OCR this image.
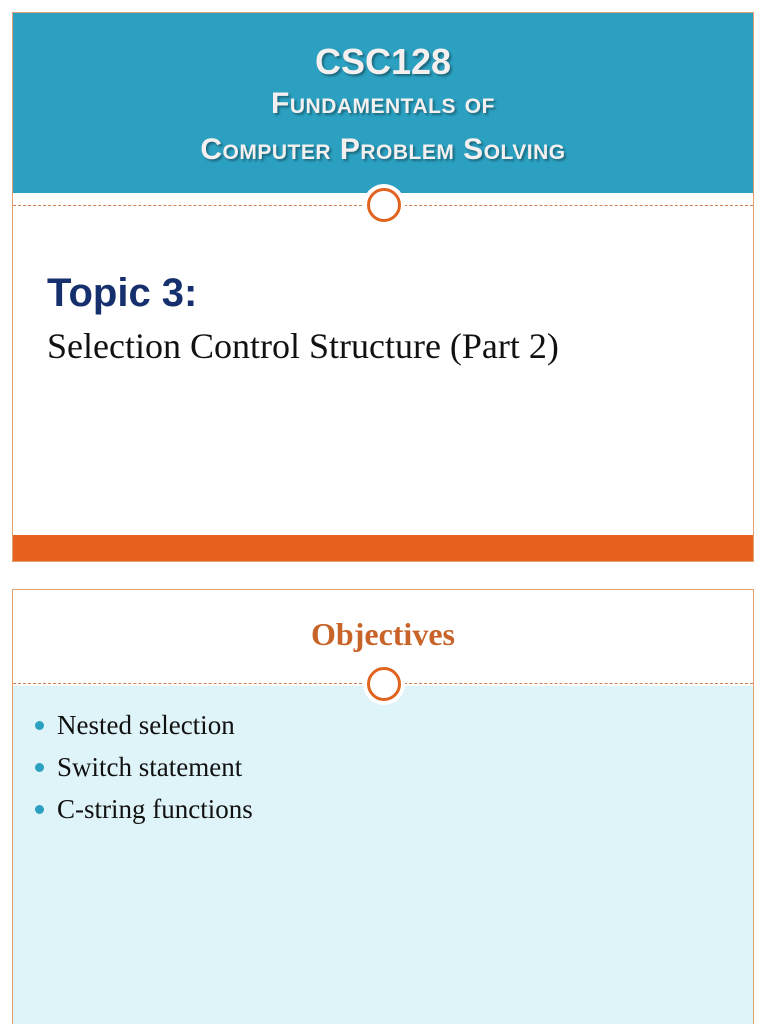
CSC128
Fundamentals of
Computer Problem Solving
Topic 3:

Selection Control Structure (Part 2)

Objectives
Nested selection
Switch statement
C-string functions
